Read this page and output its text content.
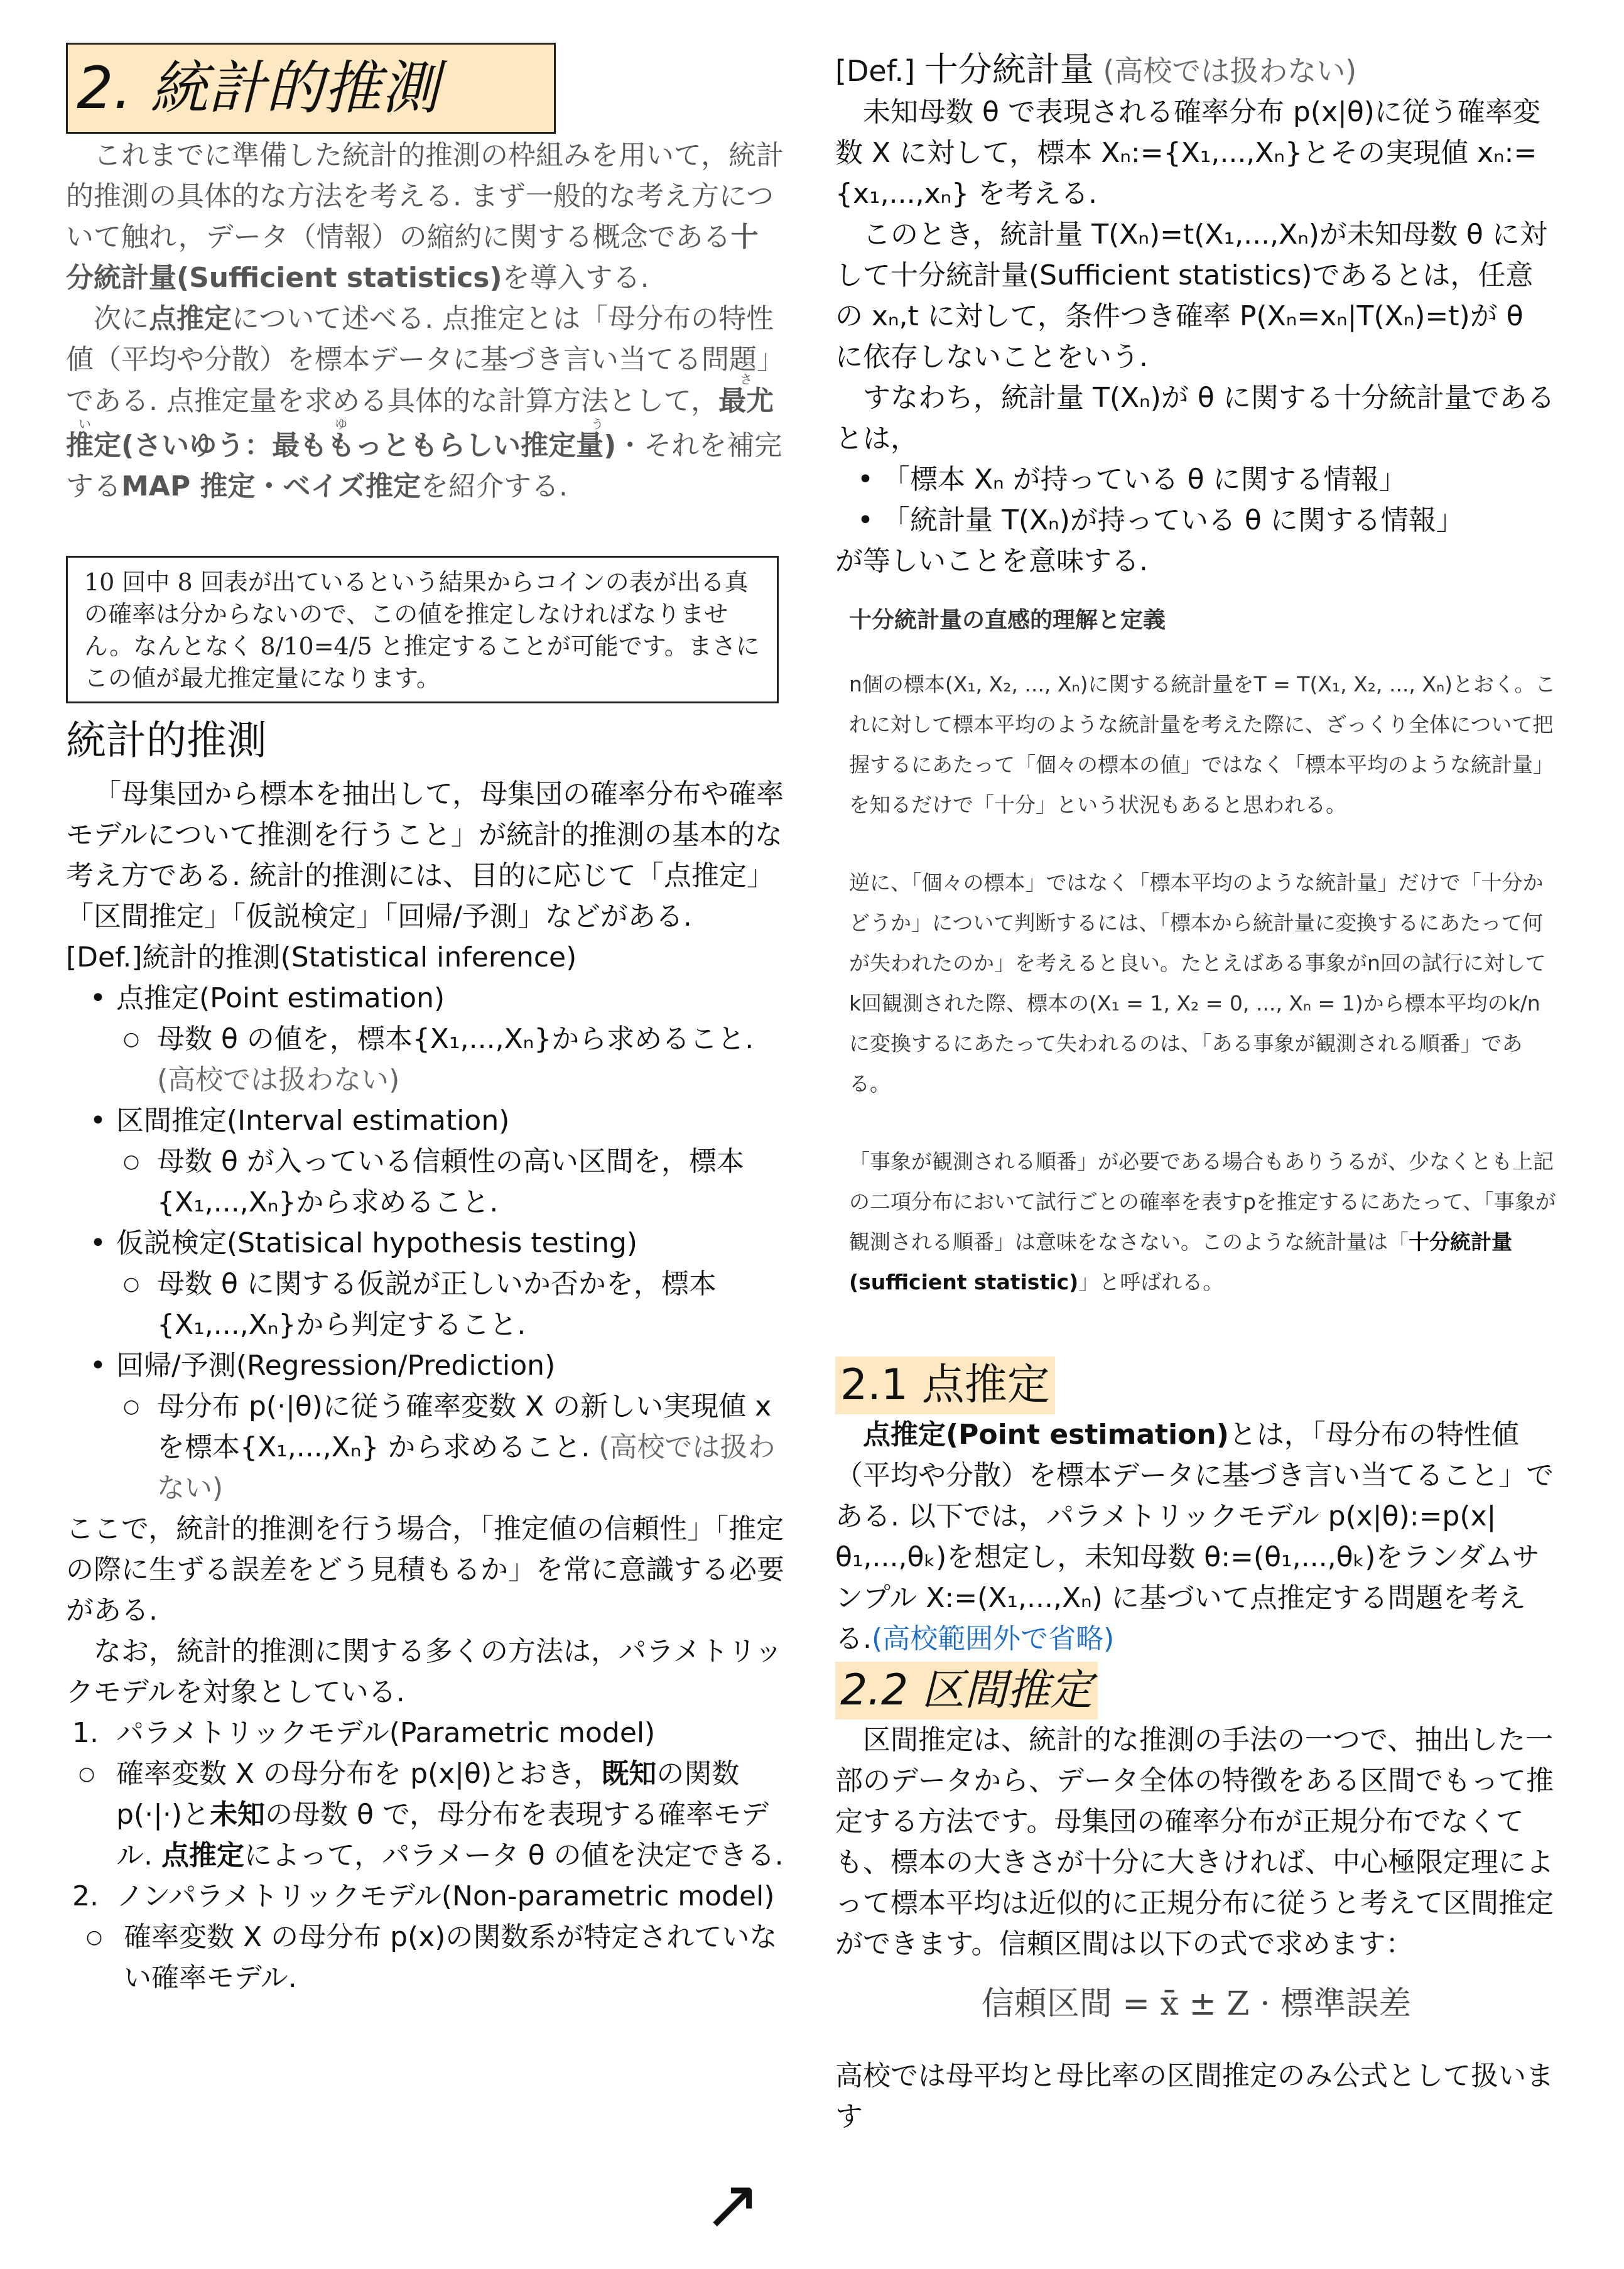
2. 統計的推測

これまでに準備した統計的推測の枠組みを用いて，統計的推測の具体的な方法を考える. まず一般的な考え方について触れ，データ（情報）の縮約に関する概念である十分統計量(Sufficient statistics)を導入する.

次に点推定について述べる. 点推定とは「母分布の特性値（平均や分散）を標本データに基づき言い当てる問題」である. 点推定量を求める具体的な計算方法として，最尤推定(さいゆう：最ももっともらしい推定量)さいゆう・それを補完するMAP 推定・ベイズ推定を紹介する.

10 回中 8 回表が出ているという結果からコインの表が出る真の確率は分からないので、この値を推定しなければなりません。なんとなく 8/10=4/5 と推定することが可能です。まさにこの値が最尤推定量になります。
統計的推測

「母集団から標本を抽出して，母集団の確率分布や確率モデルについて推測を行うこと」が統計的推測の基本的な考え方である. 統計的推測には、目的に応じて「点推定」「区間推定」「仮説検定」「回帰/予測」などがある.

[Def.]統計的推測(Statistical inference)

• 点推定(Point estimation)

○ 母数 θ の値を，標本{X₁,...,Xₙ}から求めること. (高校では扱わない)

• 区間推定(Interval estimation)

○ 母数 θ が入っている信頼性の高い区間を，標本{X₁,...,Xₙ}から求めること.

• 仮説検定(Statisical hypothesis testing)

○ 母数 θ に関する仮説が正しいか否かを，標本{X₁,...,Xₙ}から判定すること.

• 回帰/予測(Regression/Prediction)

○ 母分布 p(·|θ)に従う確率変数 X の新しい実現値 x を標本{X₁,...,Xₙ} から求めること. (高校では扱わない)

ここで，統計的推測を行う場合，「推定値の信頼性」「推定の際に生ずる誤差をどう見積もるか」を常に意識する必要がある.

なお，統計的推測に関する多くの方法は，パラメトリックモデルを対象としている.

1. パラメトリックモデル(Parametric model)

○ 確率変数 X の母分布を p(x|θ)とおき，既知の関数 p(·|·)と未知の母数 θ で，母分布を表現する確率モデル. 点推定によって，パラメータ θ の値を決定できる.

2. ノンパラメトリックモデル(Non-parametric model)

○ 確率変数 X の母分布 p(x)の関数系が特定されていない確率モデル.

↗

[Def.] 十分統計量 (高校では扱わない)

未知母数 θ で表現される確率分布 p(x|θ)に従う確率変数 X に対して，標本 Xₙ:={X₁,...,Xₙ}とその実現値 xₙ:={x₁,...,xₙ} を考える.

このとき，統計量 T(Xₙ)=t(X₁,...,Xₙ)が未知母数 θ に対して十分統計量(Sufficient statistics)であるとは，任意の xₙ,t に対して，条件つき確率 P(Xₙ=xₙ|T(Xₙ)=t)が θ に依存しないことをいう.

すなわち，統計量 T(Xₙ)が θ に関する十分統計量であるとは，

• 「標本 Xₙ が持っている θ に関する情報」

• 「統計量 T(Xₙ)が持っている θ に関する情報」

が等しいことを意味する.

十分統計量の直感的理解と定義

n個の標本(X₁, X₂, ..., Xₙ)に関する統計量をT = T(X₁, X₂, ..., Xₙ)とおく。これに対して標本平均のような統計量を考えた際に、ざっくり全体について把握するにあたって「個々の標本の値」ではなく「標本平均のような統計量」を知るだけで「十分」という状況もあると思われる。

逆に、「個々の標本」ではなく「標本平均のような統計量」だけで「十分かどうか」について判断するには、「標本から統計量に変換するにあたって何が失われたのか」を考えると良い。たとえばある事象がn回の試行に対してk回観測された際、標本の(X₁ = 1, X₂ = 0, ..., Xₙ = 1)から標本平均のk/nに変換するにあたって失われるのは、「ある事象が観測される順番」である。

「事象が観測される順番」が必要である場合もありうるが、少なくとも上記の二項分布において試行ごとの確率を表すpを推定するにあたって、「事象が観測される順番」は意味をなさない。このような統計量は「十分統計量(sufficient statistic)」と呼ばれる。

2.1 点推定

点推定(Point estimation)とは，「母分布の特性値（平均や分散）を標本データに基づき言い当てること」である. 以下では，パラメトリックモデル p(x|θ):=p(x|θ₁,...,θₖ)を想定し，未知母数 θ:=(θ₁,...,θₖ)をランダムサンプル X:=(X₁,...,Xₙ) に基づいて点推定する問題を考える.(高校範囲外で省略)

2.2 区間推定

区間推定は、統計的な推測の手法の一つで、抽出した一部のデータから、データ全体の特徴をある区間でもって推定する方法です。母集団の確率分布が正規分布でなくても、標本の大きさが十分に大きければ、中心極限定理によって標本平均は近似的に正規分布に従うと考えて区間推定ができます。信頼区間は以下の式で求めます：

信頼区間 = x̄ ± Z · 標準誤差

高校では母平均と母比率の区間推定のみ公式として扱います
